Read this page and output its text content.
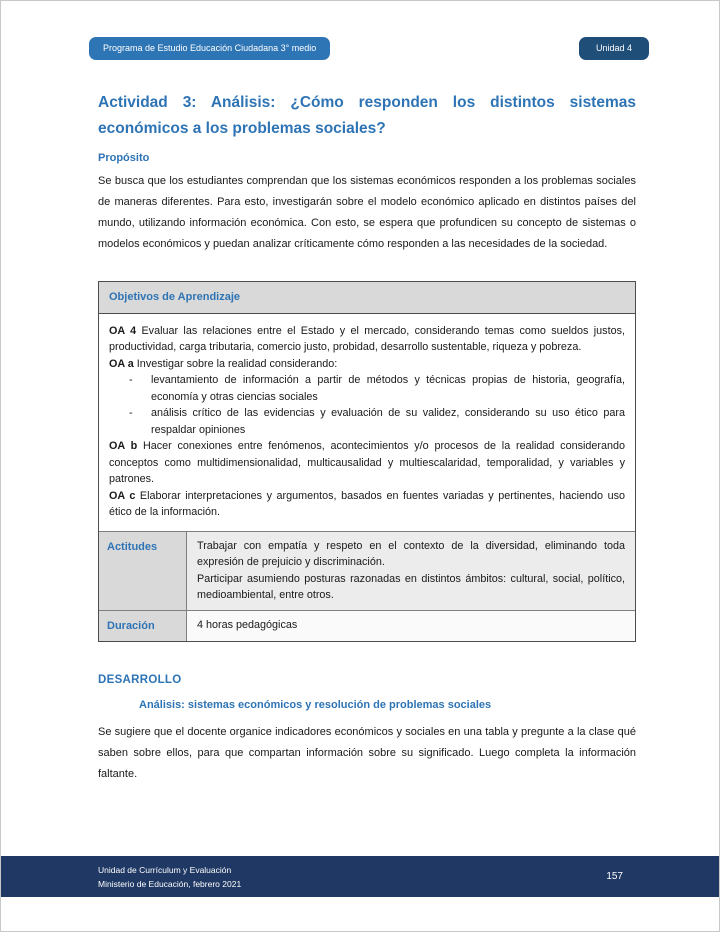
Programa de Estudio Educación Ciudadana 3° medio	Unidad 4
Actividad 3: Análisis: ¿Cómo responden los distintos sistemas económicos a los problemas sociales?
Propósito

Se busca que los estudiantes comprendan que los sistemas económicos responden a los problemas sociales de maneras diferentes. Para esto, investigarán sobre el modelo económico aplicado en distintos países del mundo, utilizando información económica. Con esto, se espera que profundicen su concepto de sistemas o modelos económicos y puedan analizar críticamente cómo responden a las necesidades de la sociedad.

Objetivos de Aprendizaje

OA 4 Evaluar las relaciones entre el Estado y el mercado, considerando temas como sueldos justos, productividad, carga tributaria, comercio justo, probidad, desarrollo sustentable, riqueza y pobreza.

OA a Investigar sobre la realidad considerando:

-	levantamiento de información a partir de métodos y técnicas propias de historia, geografía, economía y otras ciencias sociales
-	análisis crítico de las evidencias y evaluación de su validez, considerando su uso ético para respaldar opiniones

OA b Hacer conexiones entre fenómenos, acontecimientos y/o procesos de la realidad considerando conceptos como multidimensionalidad, multicausalidad y multiescalaridad, temporalidad, y variables y patrones.

OA c Elaborar interpretaciones y argumentos, basados en fuentes variadas y pertinentes, haciendo uso ético de la información.

Actitudes	Trabajar con empatía y respeto en el contexto de la diversidad, eliminando toda expresión de prejuicio y discriminación.

Participar asumiendo posturas razonadas en distintos ámbitos: cultural, social, político, medioambiental, entre otros.

Duración	4 horas pedagógicas

DESARROLLO
Análisis: sistemas económicos y resolución de problemas sociales

Se sugiere que el docente organice indicadores económicos y sociales en una tabla y pregunte a la clase qué saben sobre ellos, para que compartan información sobre su significado. Luego completa la información faltante.

Unidad de Currículum y Evaluación
Ministerio de Educación, febrero 2021
157
